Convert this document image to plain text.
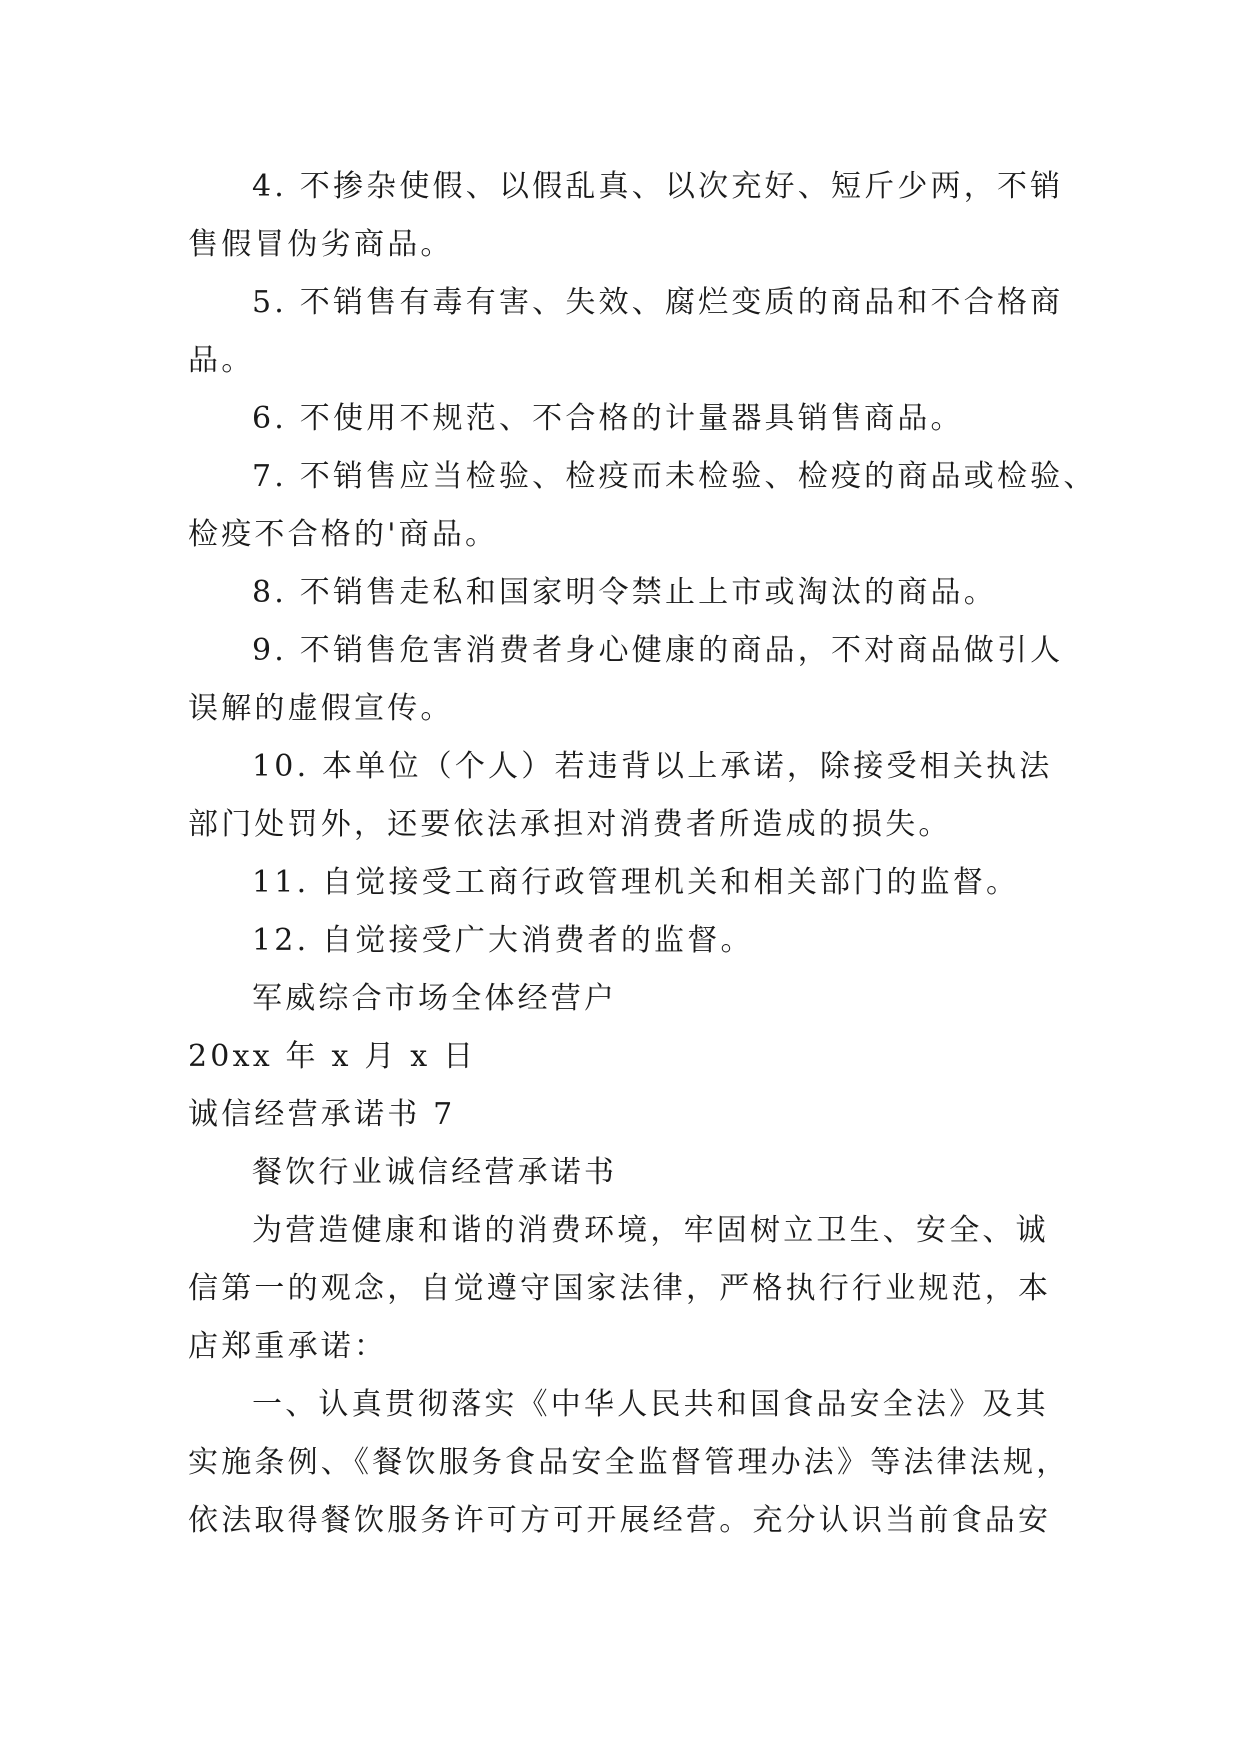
4. 不掺杂使假、以假乱真、以次充好、短斤少两，不销
售假冒伪劣商品。
5. 不销售有毒有害、失效、腐烂变质的商品和不合格商
品。
6. 不使用不规范、不合格的计量器具销售商品。
7. 不销售应当检验、检疫而未检验、检疫的商品或检验、
检疫不合格的'商品。
8. 不销售走私和国家明令禁止上市或淘汰的商品。
9. 不销售危害消费者身心健康的商品，不对商品做引人
误解的虚假宣传。
10. 本单位（个人）若违背以上承诺，除接受相关执法
部门处罚外，还要依法承担对消费者所造成的损失。
11. 自觉接受工商行政管理机关和相关部门的监督。
12. 自觉接受广大消费者的监督。
军威综合市场全体经营户
20xx 年 x 月 x 日
诚信经营承诺书 7
餐饮行业诚信经营承诺书
为营造健康和谐的消费环境，牢固树立卫生、安全、诚
信第一的观念，自觉遵守国家法律，严格执行行业规范，本
店郑重承诺：
一、认真贯彻落实《中华人民共和国食品安全法》及其
实施条例、《餐饮服务食品安全监督管理办法》等法律法规，
依法取得餐饮服务许可方可开展经营。充分认识当前食品安
